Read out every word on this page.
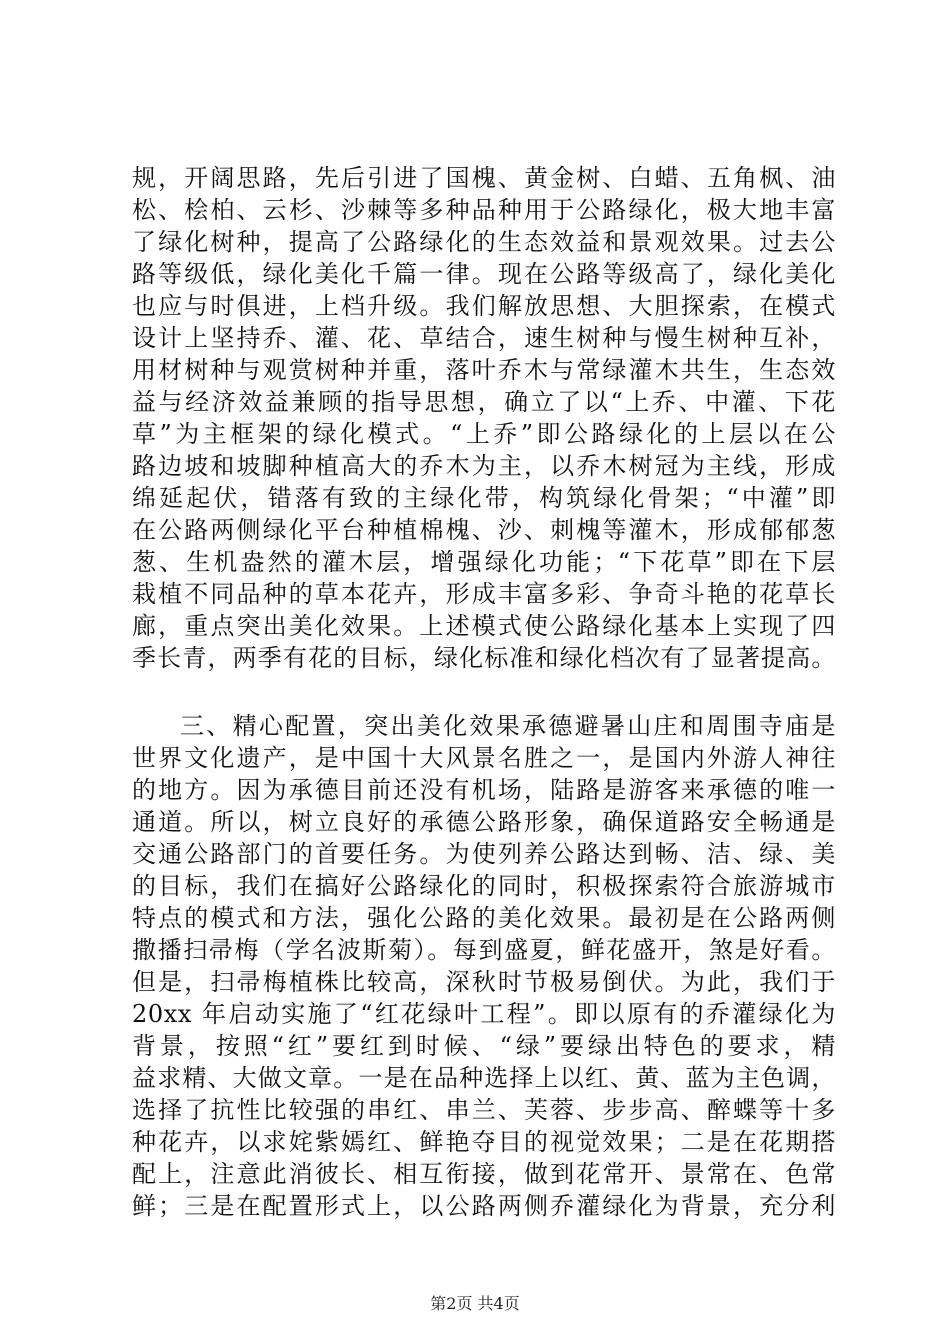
规，开阔思路，先后引进了国槐、黄金树、白蜡、五角枫、油
松、桧柏、云杉、沙棘等多种品种用于公路绿化，极大地丰富
了绿化树种，提高了公路绿化的生态效益和景观效果。过去公
路等级低，绿化美化千篇一律。现在公路等级高了，绿化美化
也应与时俱进，上档升级。我们解放思想、大胆探索，在模式
设计上坚持乔、灌、花、草结合，速生树种与慢生树种互补，
用材树种与观赏树种并重，落叶乔木与常绿灌木共生，生态效
益与经济效益兼顾的指导思想，确立了以“上乔、中灌、下花
草”为主框架的绿化模式。“上乔”即公路绿化的上层以在公
路边坡和坡脚种植高大的乔木为主，以乔木树冠为主线，形成
绵延起伏，错落有致的主绿化带，构筑绿化骨架；“中灌”即
在公路两侧绿化平台种植棉槐、沙、刺槐等灌木，形成郁郁葱
葱、生机盎然的灌木层，增强绿化功能；“下花草”即在下层
栽植不同品种的草本花卉，形成丰富多彩、争奇斗艳的花草长
廊，重点突出美化效果。上述模式使公路绿化基本上实现了四
季长青，两季有花的目标，绿化标准和绿化档次有了显著提高。
三、精心配置，突出美化效果承德避暑山庄和周围寺庙是
世界文化遗产，是中国十大风景名胜之一，是国内外游人神往
的地方。因为承德目前还没有机场，陆路是游客来承德的唯一
通道。所以，树立良好的承德公路形象，确保道路安全畅通是
交通公路部门的首要任务。为使列养公路达到畅、洁、绿、美
的目标，我们在搞好公路绿化的同时，积极探索符合旅游城市
特点的模式和方法，强化公路的美化效果。最初是在公路两侧
撒播扫帚梅（学名波斯菊）。每到盛夏，鲜花盛开，煞是好看。
但是，扫帚梅植株比较高，深秋时节极易倒伏。为此，我们于
20xx 年启动实施了“红花绿叶工程”。即以原有的乔灌绿化为
背景，按照“红”要红到时候、“绿”要绿出特色的要求，精
益求精、大做文章。一是在品种选择上以红、黄、蓝为主色调，
选择了抗性比较强的串红、串兰、芙蓉、步步高、醉蝶等十多
种花卉，以求姹紫嫣红、鲜艳夺目的视觉效果；二是在花期搭
配上，注意此消彼长、相互衔接，做到花常开、景常在、色常
鲜；三是在配置形式上，以公路两侧乔灌绿化为背景，充分利
第2页 共4页
